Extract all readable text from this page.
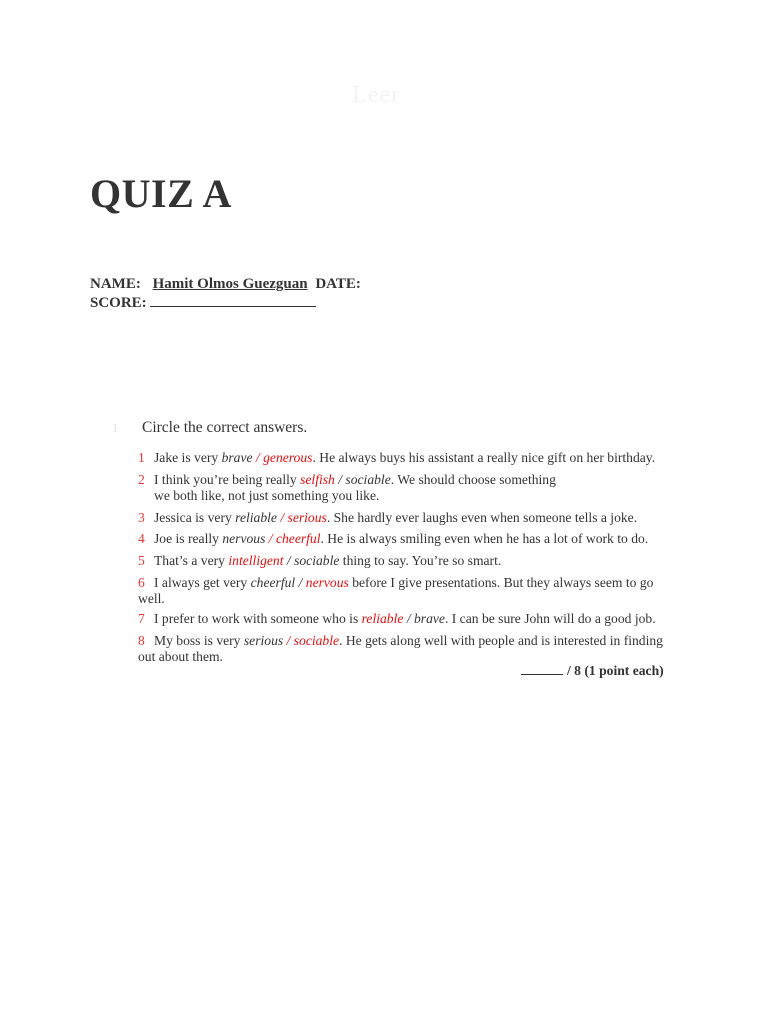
Leer
QUIZ A
NAME: Hamit Olmos Guezguan DATE:
SCORE:
1 Circle the correct answers.
1 Jake is very brave / generous. He always buys his assistant a really nice gift on her birthday.
2 I think you’re being really selfish / sociable. We should choose something
we both like, not just something you like.
3 Jessica is very reliable / serious. She hardly ever laughs even when someone tells a joke.
4 Joe is really nervous / cheerful. He is always smiling even when he has a lot of work to do.
5 That’s a very intelligent / sociable thing to say. You’re so smart.
6 I always get very cheerful / nervous before I give presentations. But they always seem to go
well.
7 I prefer to work with someone who is reliable / brave. I can be sure John will do a good job.
8 My boss is very serious / sociable. He gets along well with people and is interested in finding
out about them.
/ 8 (1 point each)
